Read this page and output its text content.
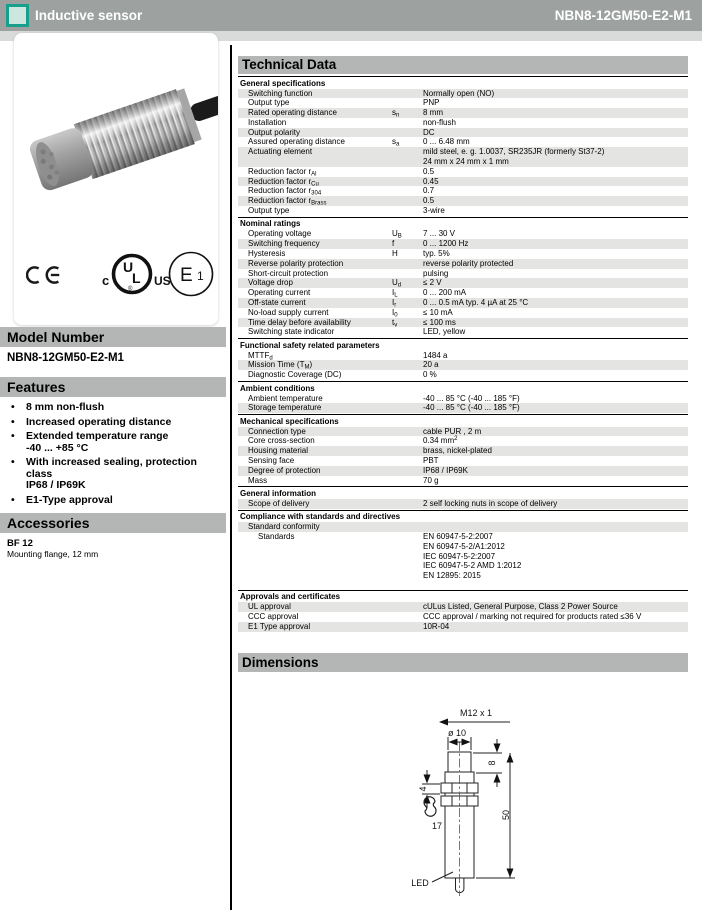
Inductive sensor	NBN8-12GM50-E2-M1
U
L
®
c	US E 1
Model Number
NBN8-12GM50-E2-M1
Features
• 8 mm non-flush
• Increased operating distance
• Extended temperature range
-40 ... +85 °C
• With increased sealing, protection
class
IP68 / IP69K
• E1-Type approval
Accessories
BF 12
Mounting flange, 12 mm
Technical Data
General specifications
Switching function	Normally open (NO)
Output type	PNP
Rated operating distance	$s_n$	8 mm
Installation	non-flush
Output polarity	DC
Assured operating distance	$s_a$	0 ... 6.48 mm
Actuating element	mild steel, e. g. 1.0037, SR235JR (formerly St37-2)
24 mm x 24 mm x 1 mm
Reduction factor $r_{Al}$	0.5
Reduction factor $r_{Cu}$	0.45
Reduction factor $r_{304}$	0.7
Reduction factor $r_{Brass}$	0.5
Output type	3-wire
Nominal ratings
Operating voltage	$U_B$	7 ... 30 V
Switching frequency	f	0 ... 1200 Hz
Hysteresis	H	typ. 5%
Reverse polarity protection	reverse polarity protected
Short-circuit protection	pulsing
Voltage drop	$U_d$	≤ 2 V
Operating current	$I_L$	0 ... 200 mA
Off-state current	$I_r$	0 ... 0.5 mA typ. 4 µA at 25 °C
No-load supply current	$I_0$	≤ 10 mA
Time delay before availability	$t_v$	≤ 100 ms
Switching state indicator	LED, yellow
Functional safety related parameters
$MTTF_d$	1484 a
Mission Time $(T_M)$	20 a
Diagnostic Coverage (DC)	0 %
Ambient conditions
Ambient temperature	-40 ... 85 °C (-40 ... 185 °F)
Storage temperature	-40 ... 85 °C (-40 ... 185 °F)
Mechanical specifications
Connection type	cable PUR , 2 m
Core cross-section	0.34 $mm^2$
Housing material	brass, nickel-plated
Sensing face	PBT
Degree of protection	IP68 / IP69K
Mass	70 g
General information
Scope of delivery	2 self locking nuts in scope of delivery
Compliance with standards and directives
Standard conformity
Standards	EN 60947-5-2:2007
EN 60947-5-2/A1:2012
IEC 60947-5-2:2007
IEC 60947-5-2 AMD 1:2012
EN 12895: 2015
Approvals and certificates
UL approval	cULus Listed, General Purpose, Class 2 Power Source
CCC approval	CCC approval / marking not required for products rated ≤36 V
E1 Type approval	10R-04
Dimensions
M12 x 1
ø 10
8
4
50
17
LED
